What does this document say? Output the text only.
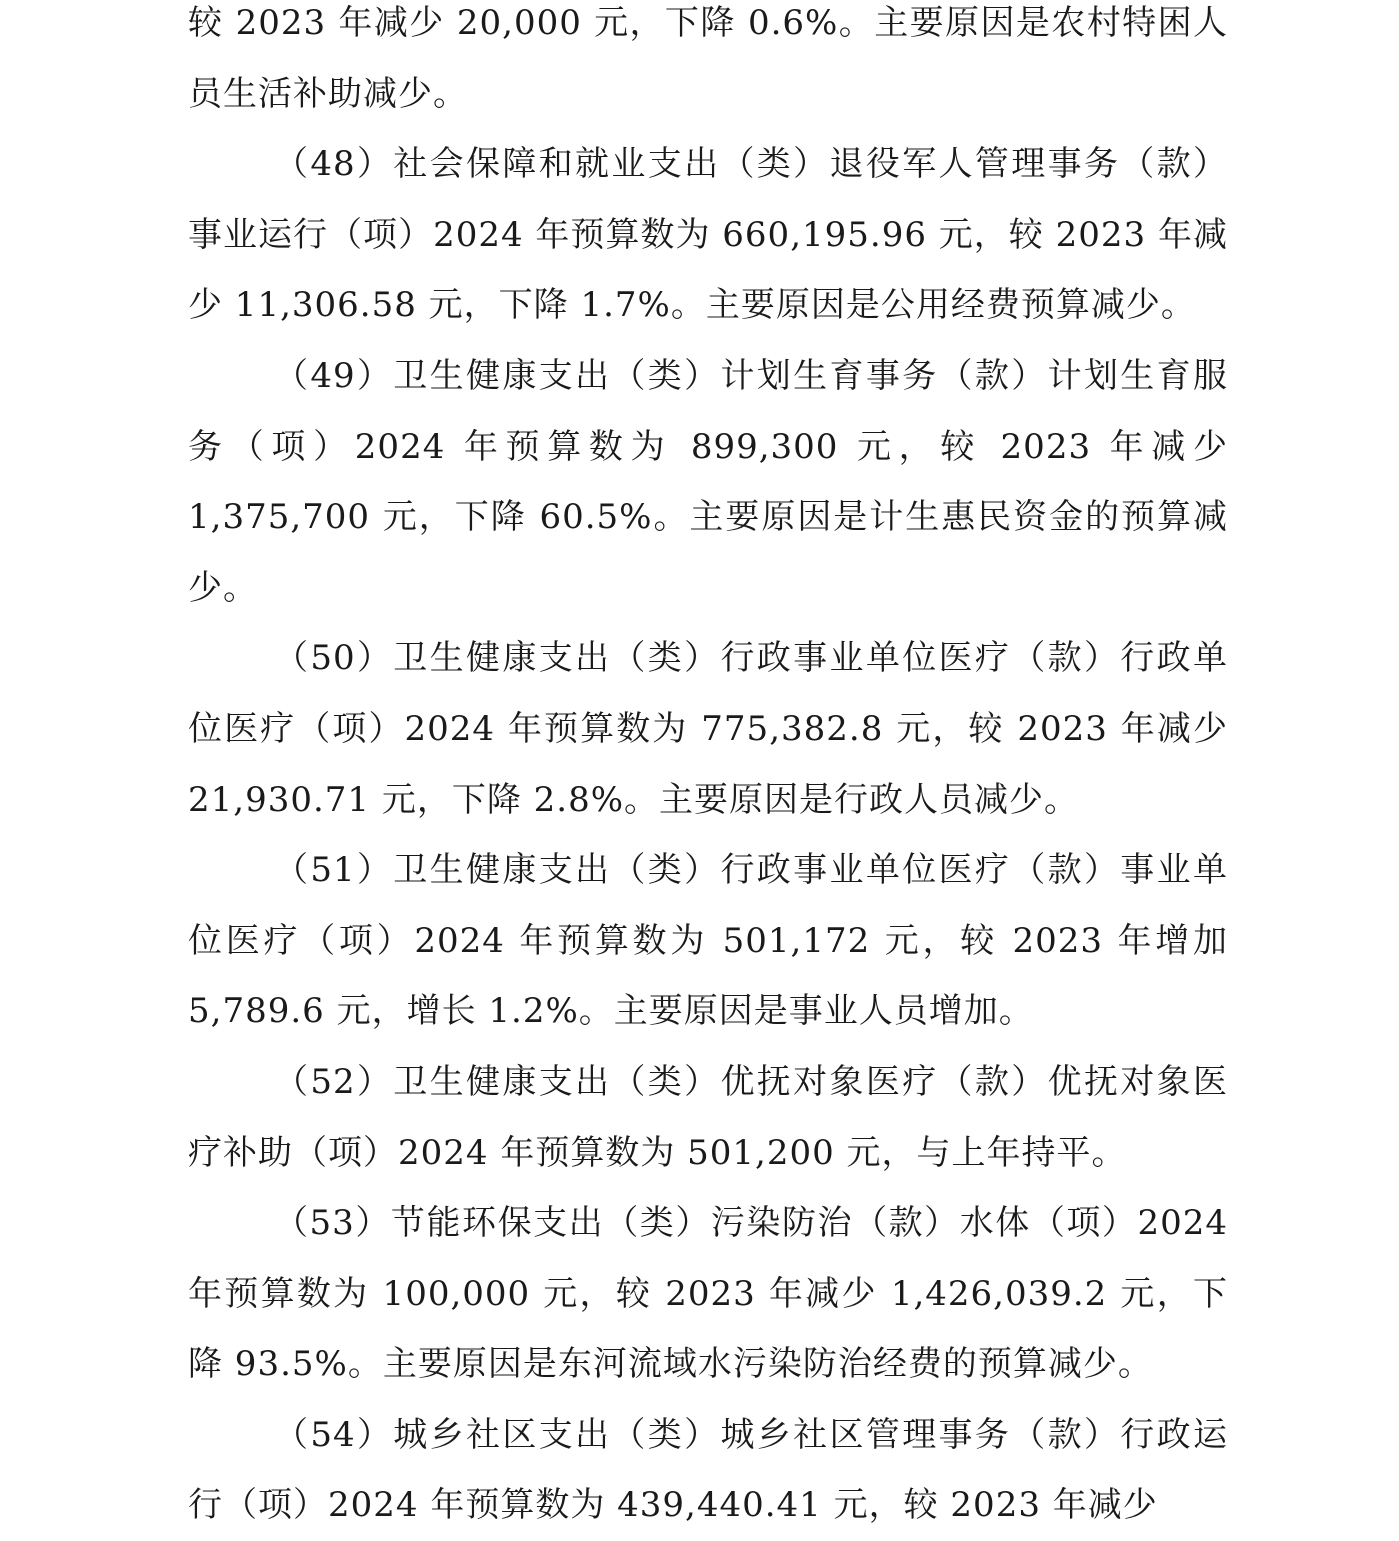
较 2023 年减少 20,000 元，下降 0.6%。主要原因是农村特困人员生活补助减少。

（48）社会保障和就业支出（类）退役军人管理事务（款）事业运行（项）2024 年预算数为 660,195.96 元，较 2023 年减少 11,306.58 元，下降 1.7%。主要原因是公用经费预算减少。

（49）卫生健康支出（类）计划生育事务（款）计划生育服务（项）2024 年预算数为 899,300 元，较 2023 年减少 1,375,700 元，下降 60.5%。主要原因是计生惠民资金的预算减少。

（50）卫生健康支出（类）行政事业单位医疗（款）行政单位医疗（项）2024 年预算数为 775,382.8 元，较 2023 年减少 21,930.71 元，下降 2.8%。主要原因是行政人员减少。

（51）卫生健康支出（类）行政事业单位医疗（款）事业单位医疗（项）2024 年预算数为 501,172 元，较 2023 年增加 5,789.6 元，增长 1.2%。主要原因是事业人员增加。

（52）卫生健康支出（类）优抚对象医疗（款）优抚对象医疗补助（项）2024 年预算数为 501,200 元，与上年持平。

（53）节能环保支出（类）污染防治（款）水体（项）2024 年预算数为 100,000 元，较 2023 年减少 1,426,039.2 元，下降 93.5%。主要原因是东河流域水污染防治经费的预算减少。

（54）城乡社区支出（类）城乡社区管理事务（款）行政运行（项）2024 年预算数为 439,440.41 元，较 2023 年减少
